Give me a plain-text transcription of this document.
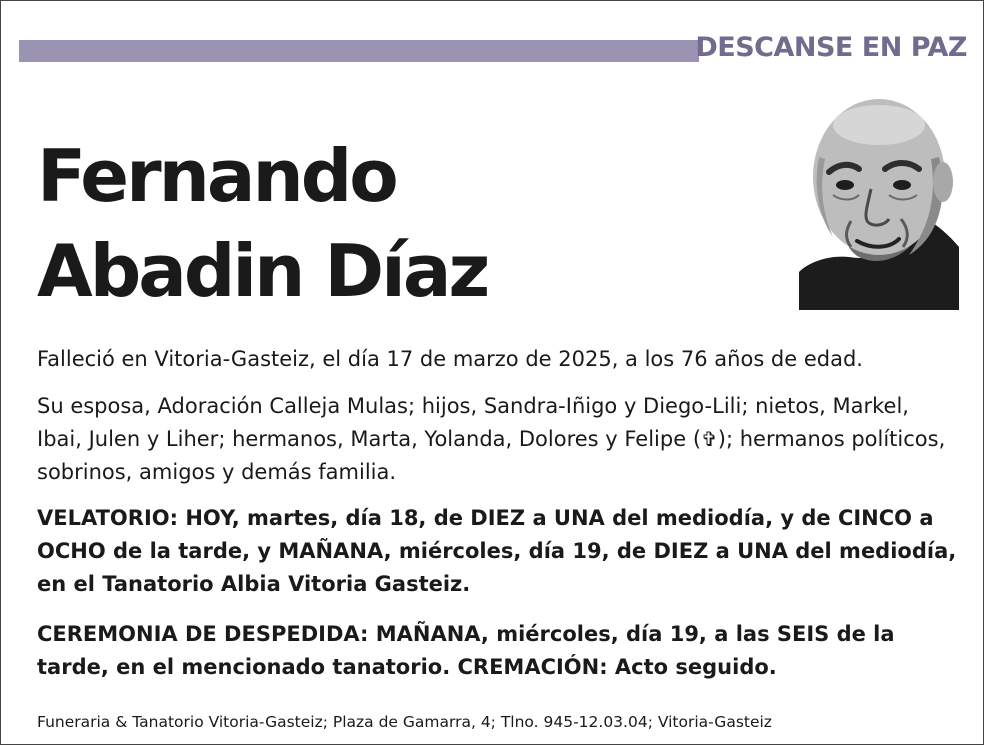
DESCANSE EN PAZ
Fernando
Abadin Díaz
Falleció en Vitoria-Gasteiz, el día 17 de marzo de 2025, a los 76 años de edad.
Su esposa, Adoración Calleja Mulas; hijos, Sandra-Iñigo y Diego-Lili; nietos, Markel, Ibai, Julen y Liher; hermanos, Marta, Yolanda, Dolores y Felipe (✞); hermanos políticos, sobrinos, amigos y demás familia.
VELATORIO: HOY, martes, día 18, de DIEZ a UNA del mediodía, y de CINCO a OCHO de la tarde, y MAÑANA, miércoles, día 19, de DIEZ a UNA del mediodía, en el Tanatorio Albia Vitoria Gasteiz.
CEREMONIA DE DESPEDIDA: MAÑANA, miércoles, día 19, a las SEIS de la tarde, en el mencionado tanatorio. CREMACIÓN: Acto seguido.
Funeraria & Tanatorio Vitoria-Gasteiz; Plaza de Gamarra, 4; Tlno. 945-12.03.04; Vitoria-Gasteiz
